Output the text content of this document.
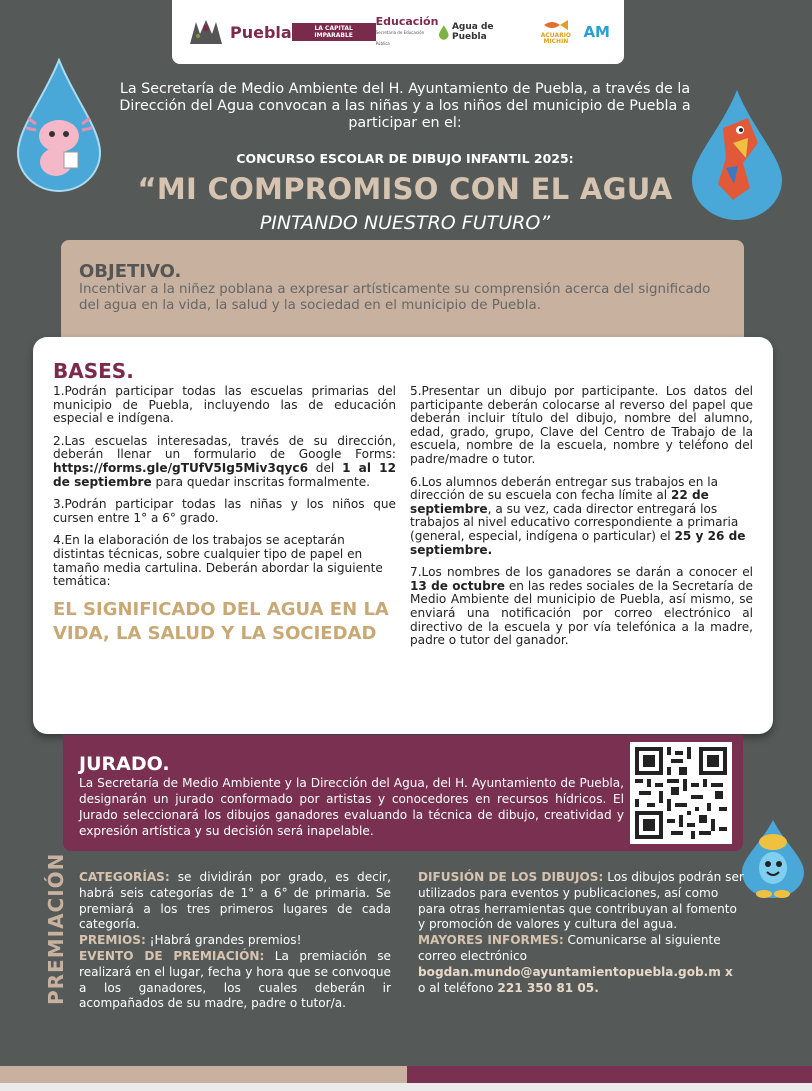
Puebla	LA CAPITAL IMPARABLE
Educación
Secretaría de Educación Pública
Agua de Puebla	ACUARIO MICHIN
AM
La Secretaría de Medio Ambiente del H. Ayuntamiento de Puebla, a través de la Dirección del Agua convocan a las niñas y a los niños del municipio de Puebla a participar en el:
CONCURSO ESCOLAR DE DIBUJO INFANTIL 2025:
“MI COMPROMISO CON EL AGUA
PINTANDO NUESTRO FUTURO”
OBJETIVO.

Incentivar a la niñez poblana a expresar artísticamente su comprensión acerca del significado del agua en la vida, la salud y la sociedad en el municipio de Puebla.

BASES.

1.Podrán participar todas las escuelas primarias del municipio de Puebla, incluyendo las de educación especial e indígena.

2.Las escuelas interesadas, través de su dirección, deberán llenar un formulario de Google Forms: https://forms.gle/gTUfV5Ig5Miv3qyc6 del 1 al 12 de septiembre para quedar inscritas formalmente.

3.Podrán participar todas las niñas y los niños que cursen entre 1° a 6° grado.

4.En la elaboración de los trabajos se aceptarán distintas técnicas, sobre cualquier tipo de papel en tamaño media cartulina. Deberán abordar la siguiente temática:

EL SIGNIFICADO DEL AGUA EN LA VIDA, LA SALUD Y LA SOCIEDAD

5.Presentar un dibujo por participante. Los datos del participante deberán colocarse al reverso del papel que deberán incluir título del dibujo, nombre del alumno, edad, grado, grupo, Clave del Centro de Trabajo de la escuela, nombre de la escuela, nombre y teléfono del padre/madre o tutor.

6.Los alumnos deberán entregar sus trabajos en la dirección de su escuela con fecha límite al 22 de septiembre, a su vez, cada director entregará los trabajos al nivel educativo correspondiente a primaria (general, especial, indígena o particular) el 25 y 26 de septiembre.

7.Los nombres de los ganadores se darán a conocer el 13 de octubre en las redes sociales de la Secretaría de Medio Ambiente del municipio de Puebla, así mismo, se enviará una notificación por correo electrónico al directivo de la escuela y por vía telefónica a la madre, padre o tutor del ganador.

JURADO.

La Secretaría de Medio Ambiente y la Dirección del Agua, del H. Ayuntamiento de Puebla, designarán un jurado conformado por artistas y conocedores en recursos hídricos. El Jurado seleccionará los dibujos ganadores evaluando la técnica de dibujo, creatividad y expresión artística y su decisión será inapelable.

PREMIACIÓN CATEGORÍAS: se dividirán por grado, es decir, habrá seis categorías de 1° a 6° de primaria. Se premiará a los tres primeros lugares de cada categoría.

PREMIOS: ¡Habrá grandes premios!

EVENTO DE PREMIACIÓN: La premiación se realizará en el lugar, fecha y hora que se convoque a los ganadores, los cuales deberán ir acompañados de su madre, padre o tutor/a.

DIFUSIÓN DE LOS DIBUJOS: Los dibujos podrán ser utilizados para eventos y publicaciones, así como para otras herramientas que contribuyan al fomento y promoción de valores y cultura del agua.

MAYORES INFORMES: Comunicarse al siguiente correo electrónico bogdan.mundo@ayuntamientopuebla.gob.m x o al teléfono 221 350 81 05.
